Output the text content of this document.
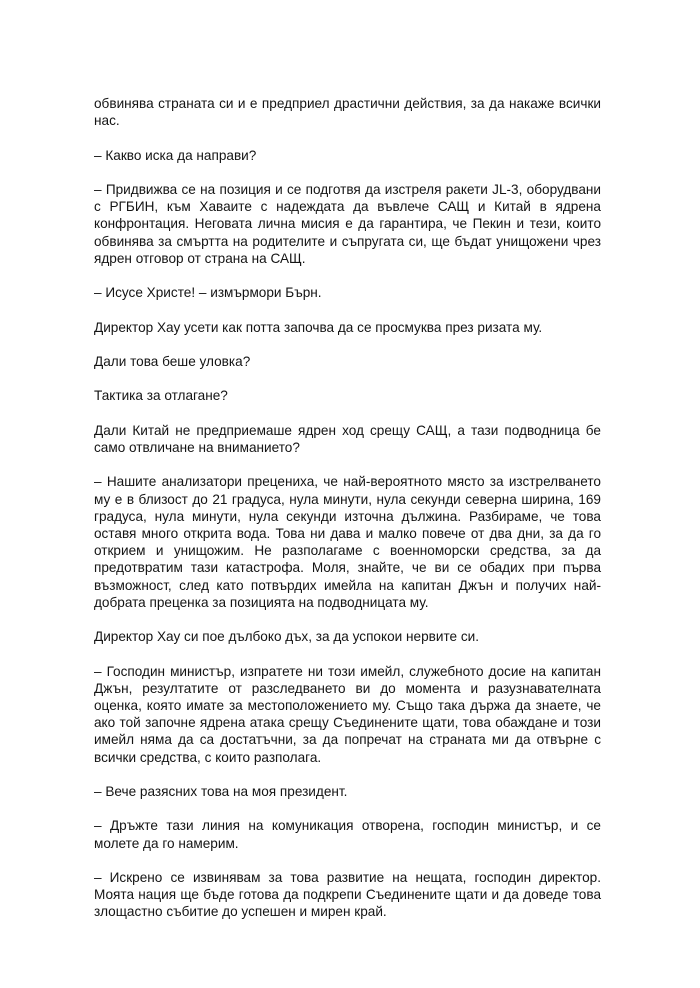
обвинява страната си и е предприел драстични действия, за да накаже всички нас.

– Какво иска да направи?

– Придвижва се на позиция и се подготвя да изстреля ракети JL-3, оборудвани с РГБИН, към Хаваите с надеждата да въвлече САЩ и Китай в ядрена конфронтация. Неговата лична мисия е да гарантира, че Пекин и тези, които обвинява за смъртта на родителите и съпругата си, ще бъдат унищожени чрез ядрен отговор от страна на САЩ.

– Исусе Христе! – измърмори Бърн.

Директор Хау усети как потта започва да се просмуква през ризата му.

Дали това беше уловка?

Тактика за отлагане?

Дали Китай не предприемаше ядрен ход срещу САЩ, а тази подводница бе само отвличане на вниманието?

– Нашите анализатори прецениха, че най-вероятното място за изстрелването му е в близост до 21 градуса, нула минути, нула секунди северна ширина, 169 градуса, нула минути, нула секунди източна дължина. Разбираме, че това оставя много открита вода. Това ни дава и малко повече от два дни, за да го открием и унищожим. Не разполагаме с военноморски средства, за да предотвратим тази катастрофа. Моля, знайте, че ви се обадих при първа възможност, след като потвърдих имейла на капитан Джън и получих най-добрата преценка за позицията на подводницата му.

Директор Хау си пое дълбоко дъх, за да успокои нервите си.

– Господин министър, изпратете ни този имейл, служебното досие на капитан Джън, резултатите от разследването ви до момента и разузнавателната оценка, която имате за местоположението му. Също така държа да знаете, че ако той започне ядрена атака срещу Съединените щати, това обаждане и този имейл няма да са достатъчни, за да попречат на страната ми да отвърне с всички средства, с които разполага.

– Вече разясних това на моя президент.

– Дръжте тази линия на комуникация отворена, господин министър, и се молете да го намерим.

– Искрено се извинявам за това развитие на нещата, господин директор. Моята нация ще бъде готова да подкрепи Съединените щати и да доведе това злощастно събитие до успешен и мирен край.
